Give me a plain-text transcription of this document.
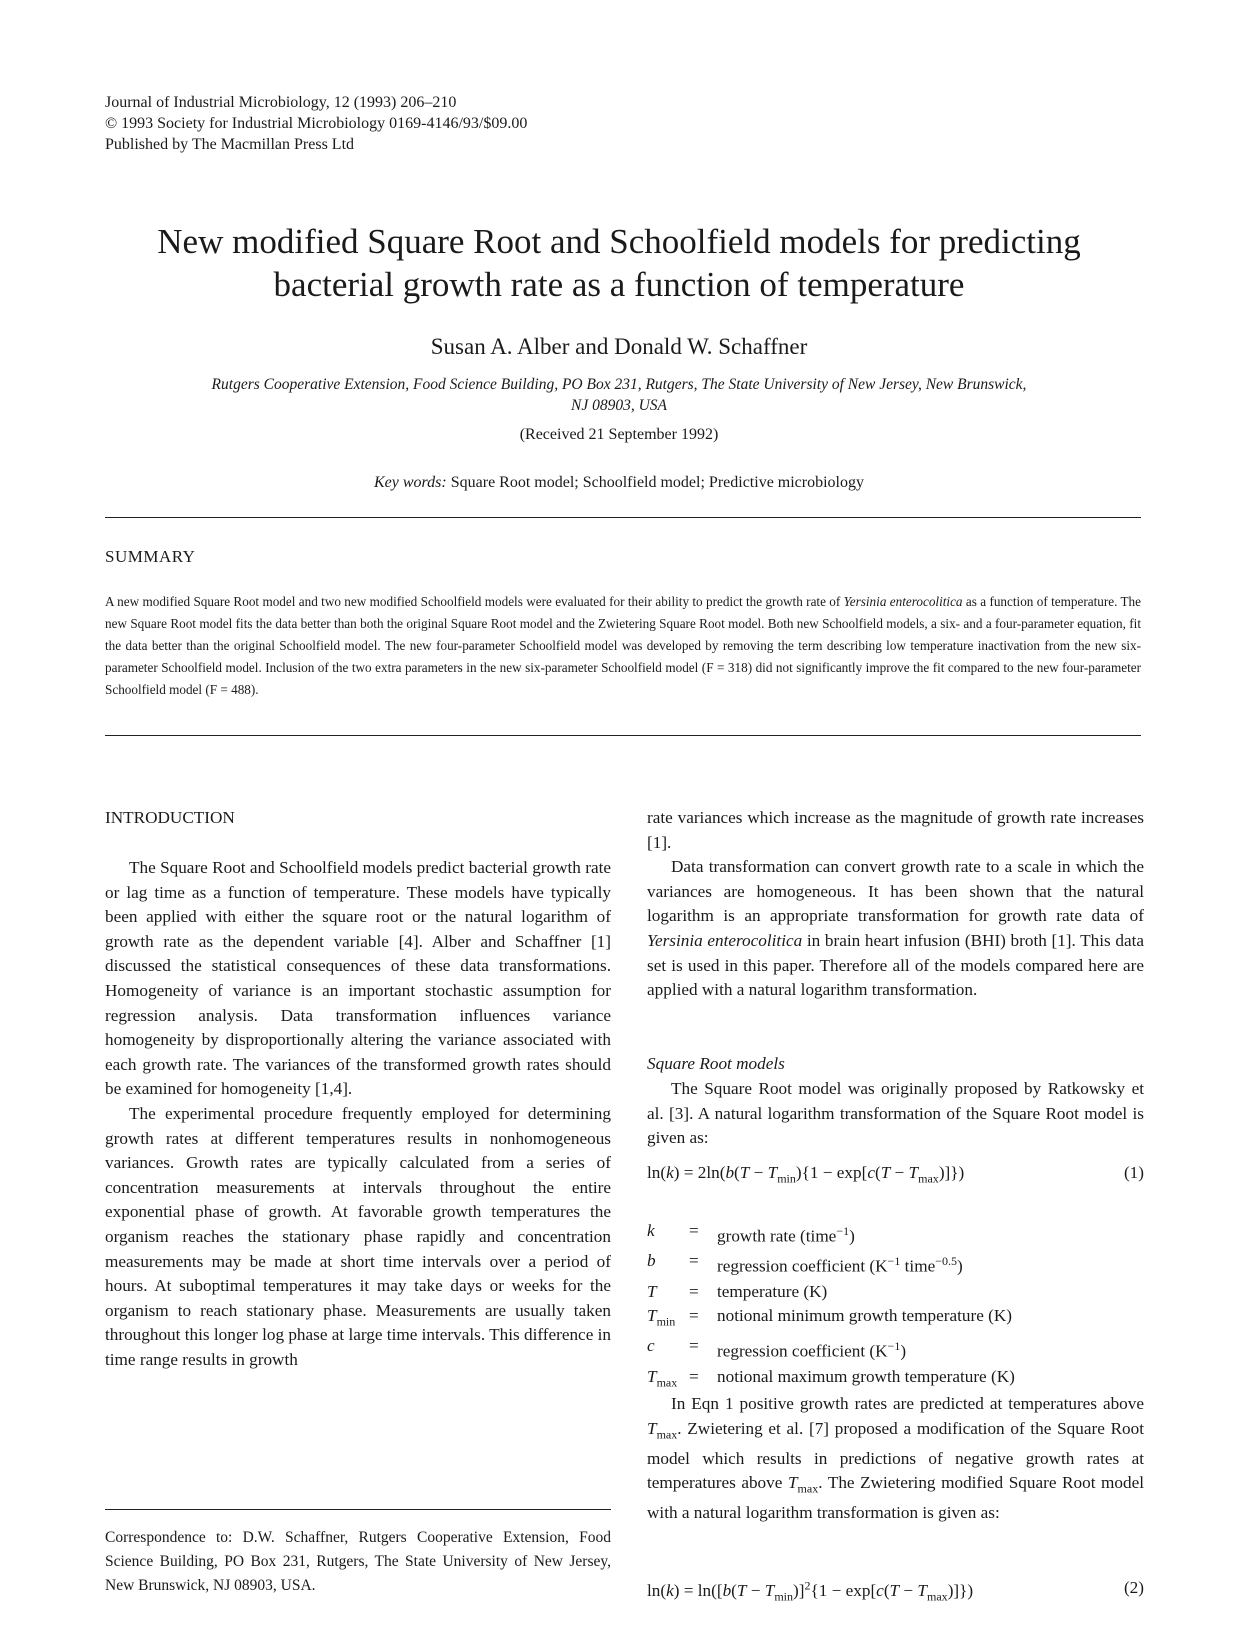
Journal of Industrial Microbiology, 12 (1993) 206–210
© 1993 Society for Industrial Microbiology 0169-4146/93/$09.00
Published by The Macmillan Press Ltd
New modified Square Root and Schoolfield models for predicting
bacterial growth rate as a function of temperature
Susan A. Alber and Donald W. Schaffner
Rutgers Cooperative Extension, Food Science Building, PO Box 231, Rutgers, The State University of New Jersey, New Brunswick,
NJ 08903, USA
(Received 21 September 1992)
Key words: Square Root model; Schoolfield model; Predictive microbiology
SUMMARY
A new modified Square Root model and two new modified Schoolfield models were evaluated for their ability to predict the growth rate of Yersinia enterocolitica as a function of temperature. The new Square Root model fits the data better than both the original Square Root model and the Zwietering Square Root model. Both new Schoolfield models, a six- and a four-parameter equation, fit the data better than the original Schoolfield model. The new four-parameter Schoolfield model was developed by removing the term describing low temperature inactivation from the new six-parameter Schoolfield model. Inclusion of the two extra parameters in the new six-parameter Schoolfield model (F = 318) did not significantly improve the fit compared to the new four-parameter Schoolfield model (F = 488).
INTRODUCTION

The Square Root and Schoolfield models predict bacterial growth rate or lag time as a function of temperature. These models have typically been applied with either the square root or the natural logarithm of growth rate as the dependent variable [4]. Alber and Schaffner [1] discussed the statistical consequences of these data transformations. Homogeneity of variance is an important stochastic assumption for regression analysis. Data transformation influences variance homogeneity by disproportionally altering the variance associated with each growth rate. The variances of the transformed growth rates should be examined for homogeneity [1,4].

The experimental procedure frequently employed for determining growth rates at different temperatures results in nonhomogeneous variances. Growth rates are typically calculated from a series of concentration measurements at intervals throughout the entire exponential phase of growth. At favorable growth temperatures the organism reaches the stationary phase rapidly and concentration measurements may be made at short time intervals over a period of hours. At suboptimal temperatures it may take days or weeks for the organism to reach stationary phase. Measurements are usually taken throughout this longer log phase at large time intervals. This difference in time range results in growth

Correspondence to: D.W. Schaffner, Rutgers Cooperative Extension, Food Science Building, PO Box 231, Rutgers, The State University of New Jersey, New Brunswick, NJ 08903, USA.

rate variances which increase as the magnitude of growth rate increases [1].

Data transformation can convert growth rate to a scale in which the variances are homogeneous. It has been shown that the natural logarithm is an appropriate transformation for growth rate data of Yersinia enterocolitica in brain heart infusion (BHI) broth [1]. This data set is used in this paper. Therefore all of the models compared here are applied with a natural logarithm transformation.

Square Root models

The Square Root model was originally proposed by Ratkowsky et al. [3]. A natural logarithm transformation of the Square Root model is given as:

$\ln(k) = 2\ln(b(T - T_{min})\{1 - \exp[c(T - T_{max})]\})$	(1)
k	=	growth rate (time$^{-1}$)
b	=	regression coefficient ($K^{-1}$ time$^{-0.5}$)
T	=	temperature (K)
$T_{min}$	=	notional minimum growth temperature (K)
c	=	regression coefficient $(K^{-1})$
$T_{max}$	=	notional maximum growth temperature (K)

In Eqn 1 positive growth rates are predicted at temperatures above $T_{max}$. Zwietering et al. [7] proposed a modification of the Square Root model which results in predictions of negative growth rates at temperatures above $T_{max}$. The Zwietering modified Square Root model with a natural logarithm transformation is given as:

$\ln(k) = \ln([b(T - T_{min})]^2\{1 - \exp[c(T - T_{max})]\})$	(2)
